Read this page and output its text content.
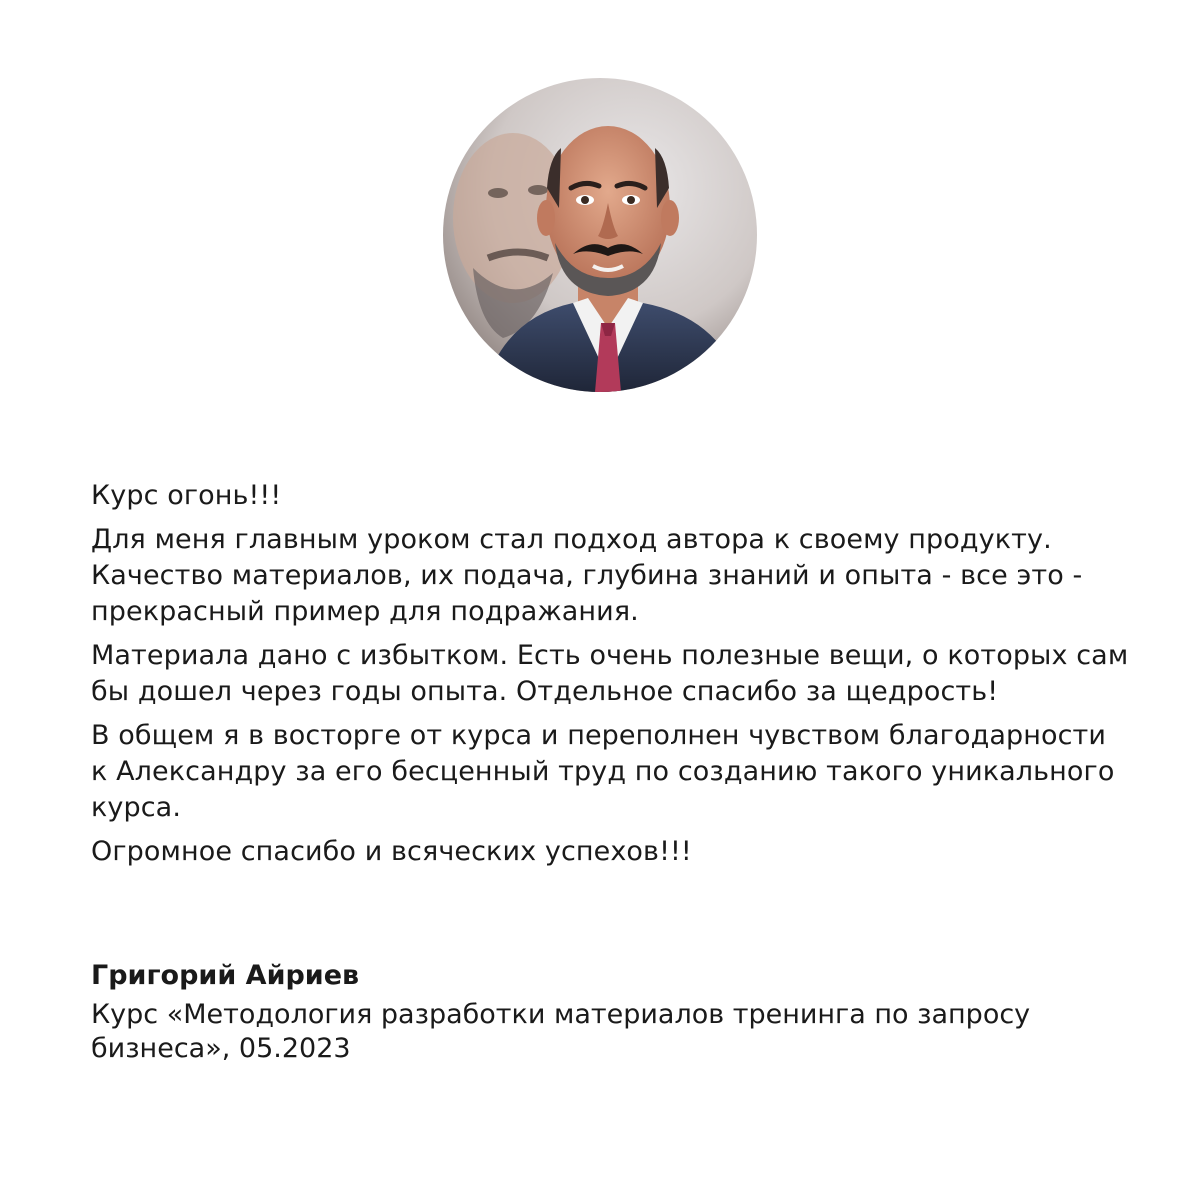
Курс огонь!!!

Для меня главным уроком стал подход автора к своему продукту. Качество материалов, их подача, глубина знаний и опыта - все это - прекрасный пример для подражания.

Материала дано с избытком. Есть очень полезные вещи, о которых сам бы дошел через годы опыта. Отдельное спасибо за щедрость!

В общем я в восторге от курса и переполнен чувством благодарности к Александру за его бесценный труд по созданию такого уникального курса.

Огромное спасибо и всяческих успехов!!!

Григорий Айриев

Курс «Методология разработки материалов тренинга по запросу бизнеса», 05.2023
